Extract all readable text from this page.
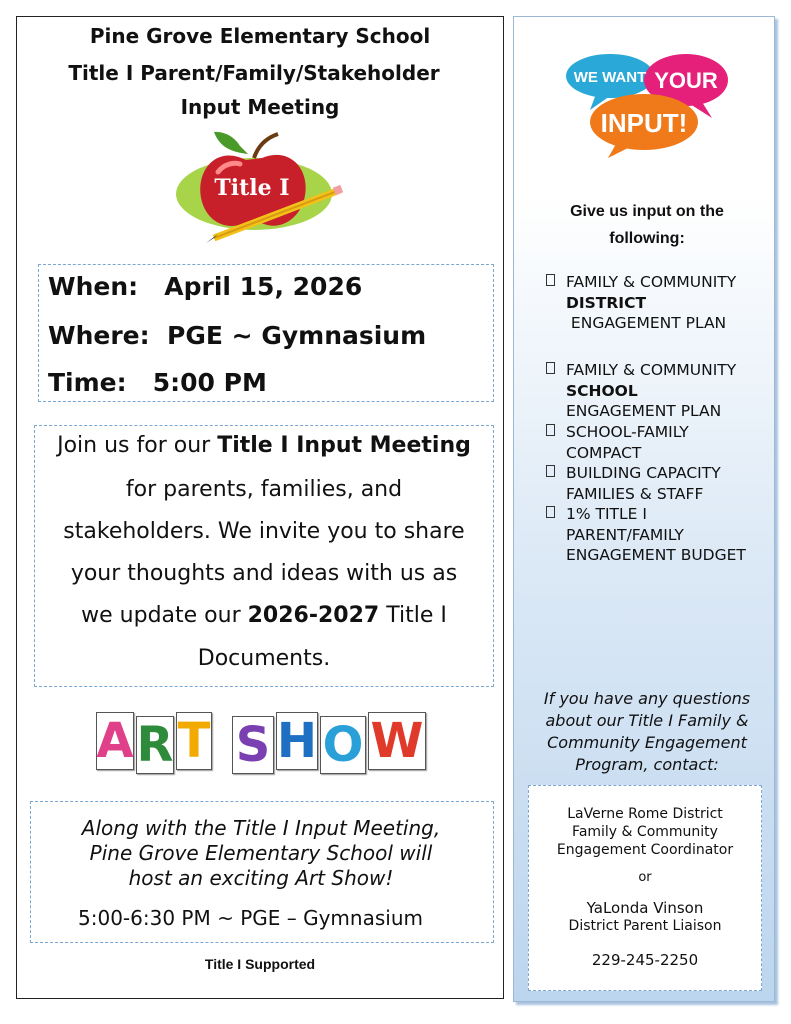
Pine Grove Elementary School
Title I Parent/Family/Stakeholder
Input Meeting
Title I
When: April 15, 2026
Where: PGE ~ Gymnasium
Time: 5:00 PM
Join us for our Title I Input Meeting
for parents, families, and
stakeholders. We invite you to share
your thoughts and ideas with us as
we update our 2026-2027 Title I
Documents.
A R T S H O W
Along with the Title I Input Meeting,
Pine Grove Elementary School will
host an exciting Art Show!
5:00-6:30 PM ~ PGE – Gymnasium
Title I Supported
WE WANT YOUR
INPUT!
Give us input on the
following:
FAMILY & COMMUNITY
DISTRICT
ENGAGEMENT PLAN
FAMILY & COMMUNITY
SCHOOL
ENGAGEMENT PLAN
SCHOOL-FAMILY
COMPACT
BUILDING CAPACITY
FAMILIES & STAFF
1% TITLE I
PARENT/FAMILY
ENGAGEMENT BUDGET
If you have any questions
about our Title I Family &
Community Engagement
Program, contact:
LaVerne Rome District
Family & Community
Engagement Coordinator
or
YaLonda Vinson
District Parent Liaison
229-245-2250
